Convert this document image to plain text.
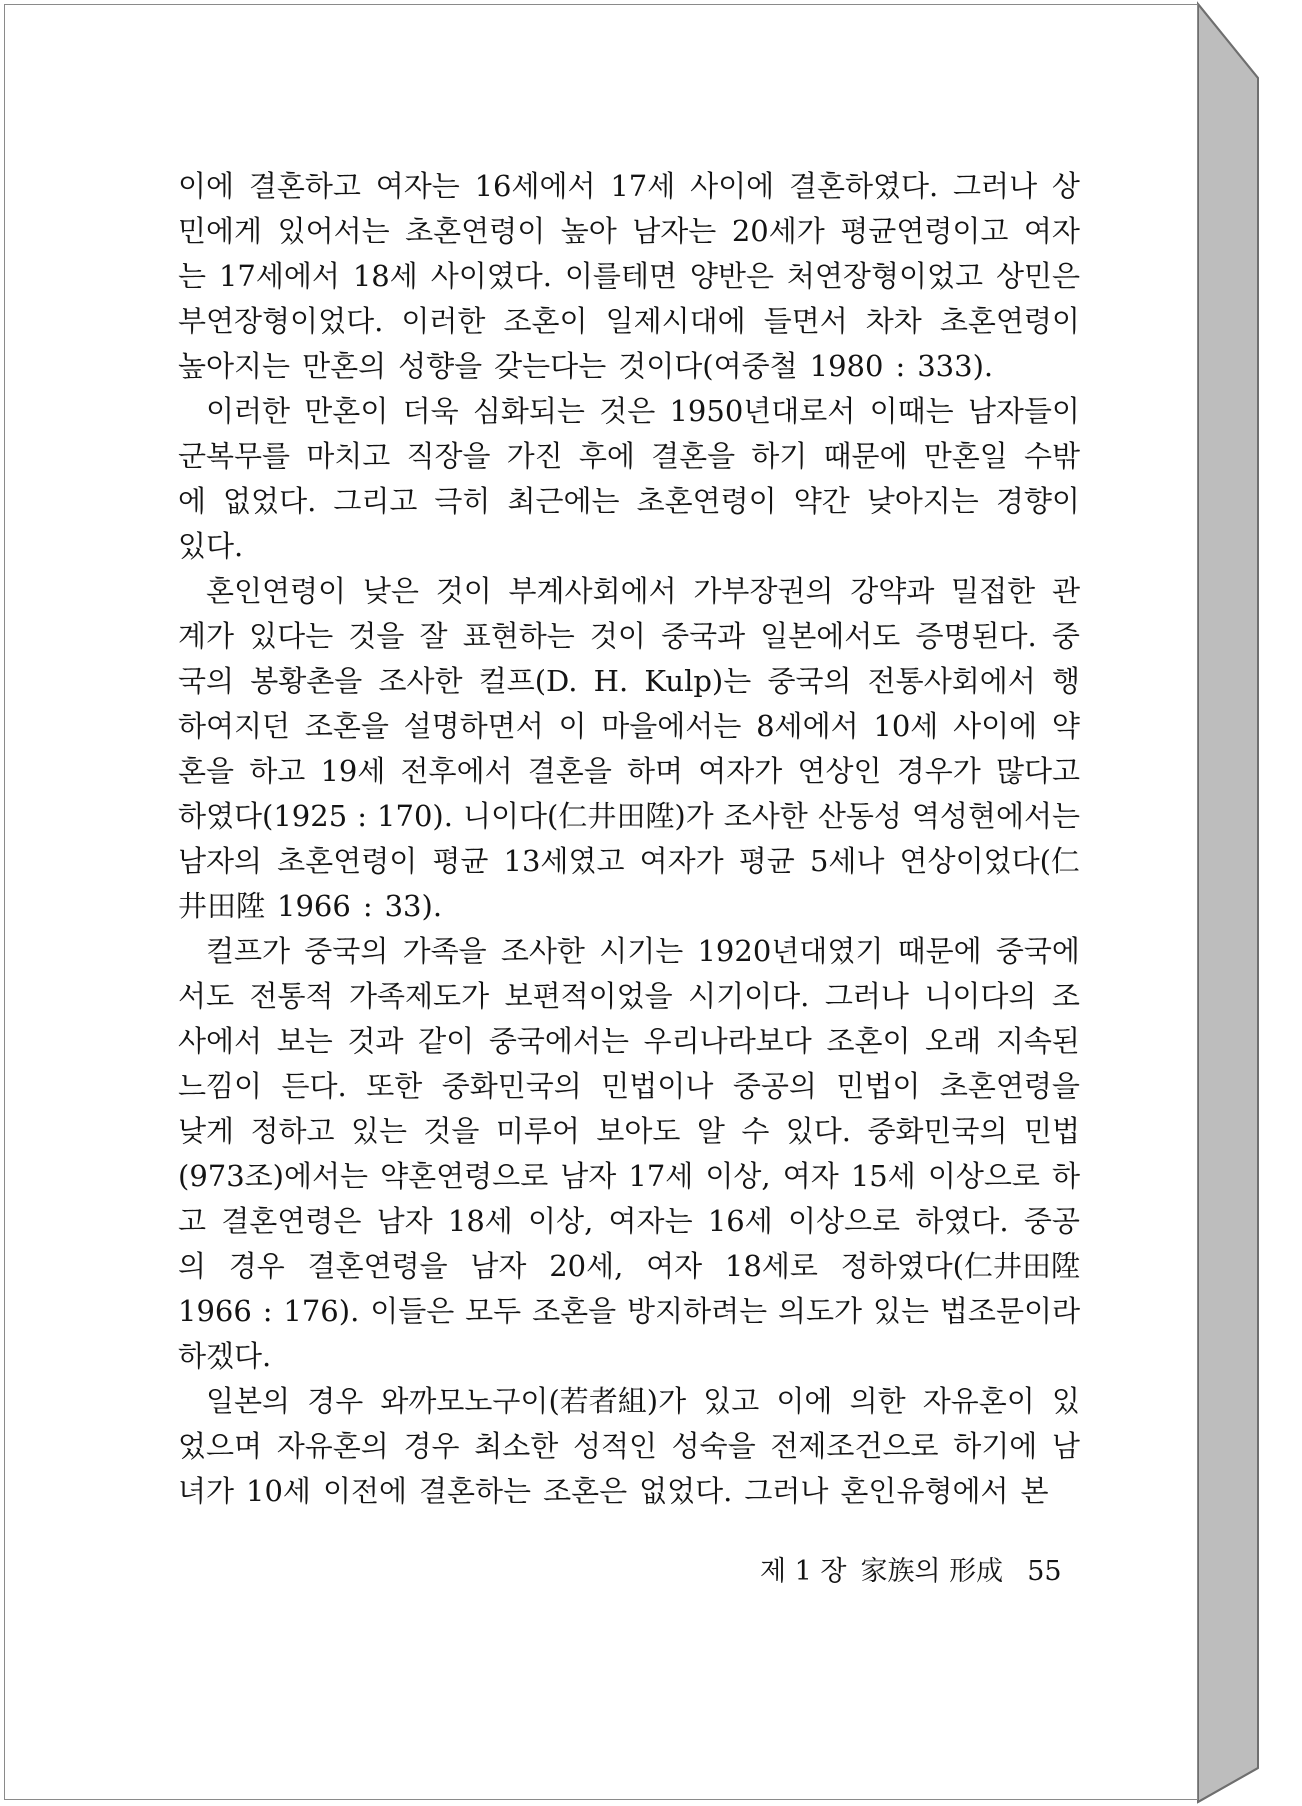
이에 결혼하고 여자는 16세에서 17세 사이에 결혼하였다. 그러나 상
민에게 있어서는 초혼연령이 높아 남자는 20세가 평균연령이고 여자
는 17세에서 18세 사이였다. 이를테면 양반은 처연장형이었고 상민은
부연장형이었다. 이러한 조혼이 일제시대에 들면서 차차 초혼연령이
높아지는 만혼의 성향을 갖는다는 것이다(여중철 1980 : 333).
이러한 만혼이 더욱 심화되는 것은 1950년대로서 이때는 남자들이
군복무를 마치고 직장을 가진 후에 결혼을 하기 때문에 만혼일 수밖
에 없었다. 그리고 극히 최근에는 초혼연령이 약간 낮아지는 경향이
있다.
혼인연령이 낮은 것이 부계사회에서 가부장권의 강약과 밀접한 관
계가 있다는 것을 잘 표현하는 것이 중국과 일본에서도 증명된다. 중
국의 봉황촌을 조사한 컬프(D. H. Kulp)는 중국의 전통사회에서 행
하여지던 조혼을 설명하면서 이 마을에서는 8세에서 10세 사이에 약
혼을 하고 19세 전후에서 결혼을 하며 여자가 연상인 경우가 많다고
하였다(1925 : 170). 니이다(仁井田陞)가 조사한 산동성 역성현에서는
남자의 초혼연령이 평균 13세였고 여자가 평균 5세나 연상이었다(仁
井田陞 1966 : 33).
컬프가 중국의 가족을 조사한 시기는 1920년대였기 때문에 중국에
서도 전통적 가족제도가 보편적이었을 시기이다. 그러나 니이다의 조
사에서 보는 것과 같이 중국에서는 우리나라보다 조혼이 오래 지속된
느낌이 든다. 또한 중화민국의 민법이나 중공의 민법이 초혼연령을
낮게 정하고 있는 것을 미루어 보아도 알 수 있다. 중화민국의 민법
(973조)에서는 약혼연령으로 남자 17세 이상, 여자 15세 이상으로 하
고 결혼연령은 남자 18세 이상, 여자는 16세 이상으로 하였다. 중공
의 경우 결혼연령을 남자 20세, 여자 18세로 정하였다(仁井田陞
1966 : 176). 이들은 모두 조혼을 방지하려는 의도가 있는 법조문이라
하겠다.
일본의 경우 와까모노구이(若者組)가 있고 이에 의한 자유혼이 있
었으며 자유혼의 경우 최소한 성적인 성숙을 전제조건으로 하기에 남
녀가 10세 이전에 결혼하는 조혼은 없었다. 그러나 혼인유형에서 본
제 1 장 家族의 形成 55
